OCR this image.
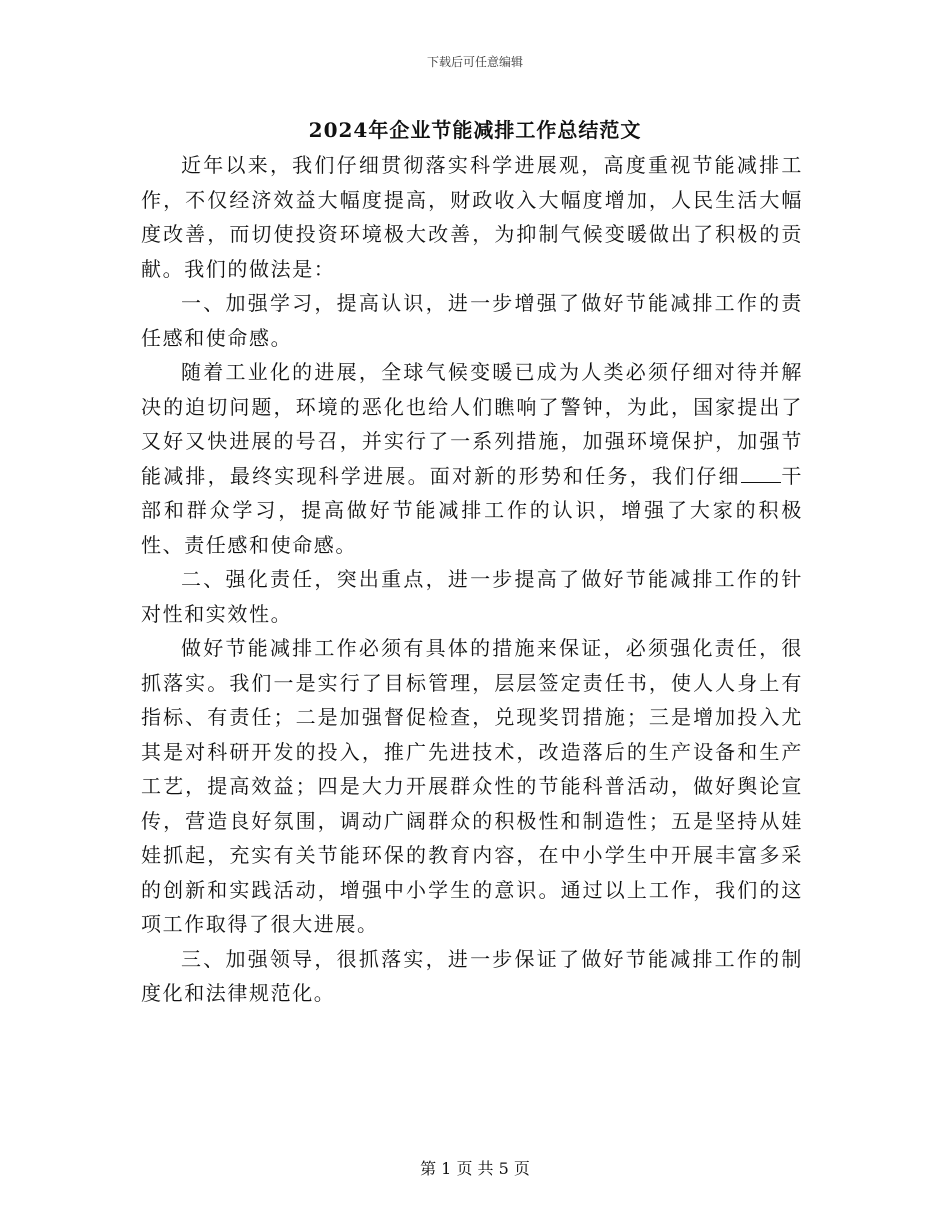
下载后可任意编辑
2024年企业节能减排工作总结范文

近年以来，我们仔细贯彻落实科学进展观，高度重视节能减排工作，不仅经济效益大幅度提高，财政收入大幅度增加，人民生活大幅度改善，而切使投资环境极大改善，为抑制气候变暖做出了积极的贡献。我们的做法是：

一、加强学习，提高认识，进一步增强了做好节能减排工作的责任感和使命感。

随着工业化的进展，全球气候变暖已成为人类必须仔细对待并解决的迫切问题，环境的恶化也给人们瞧响了警钟，为此，国家提出了又好又快进展的号召，并实行了一系列措施，加强环境保护，加强节能减排，最终实现科学进展。面对新的形势和任务，我们仔细 干部和群众学习，提高做好节能减排工作的认识，增强了大家的积极性、责任感和使命感。

二、强化责任，突出重点，进一步提高了做好节能减排工作的针对性和实效性。

做好节能减排工作必须有具体的措施来保证，必须强化责任，很抓落实。我们一是实行了目标管理，层层签定责任书，使人人身上有指标、有责任；二是加强督促检查，兑现奖罚措施；三是增加投入尤其是对科研开发的投入，推广先进技术，改造落后的生产设备和生产工艺，提高效益；四是大力开展群众性的节能科普活动，做好舆论宣传，营造良好氛围，调动广阔群众的积极性和制造性；五是坚持从娃娃抓起，充实有关节能环保的教育内容，在中小学生中开展丰富多采的创新和实践活动，增强中小学生的意识。通过以上工作，我们的这项工作取得了很大进展。

三、加强领导，很抓落实，进一步保证了做好节能减排工作的制度化和法律规范化。

第 1 页 共 5 页
